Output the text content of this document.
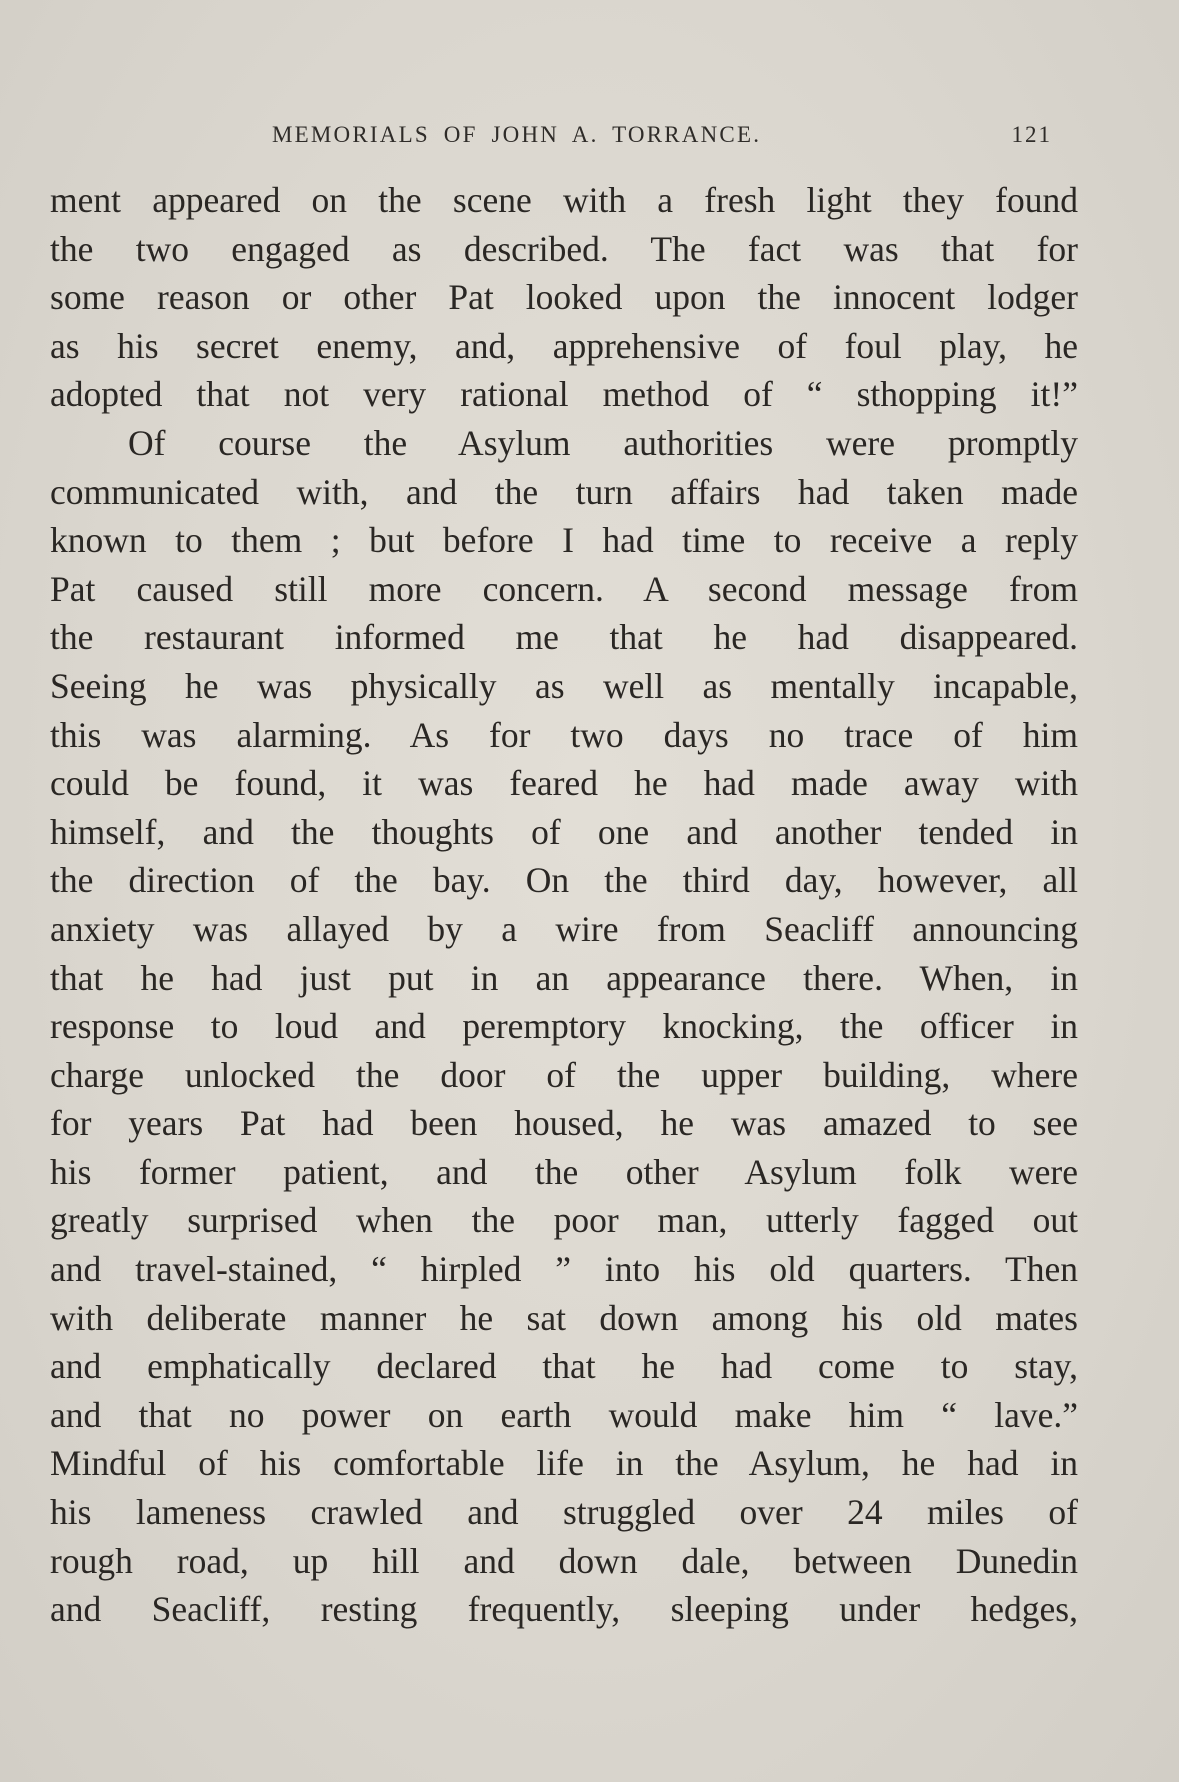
MEMORIALS OF JOHN A. TORRANCE.	121
ment appeared on the scene with a fresh light they found
the two engaged as described. The fact was that for
some reason or other Pat looked upon the innocent lodger
as his secret enemy, and, apprehensive of foul play, he
adopted that not very rational method of “ sthopping it!”
Of course the Asylum authorities were promptly
communicated with, and the turn affairs had taken made
known to them ; but before I had time to receive a reply
Pat caused still more concern. A second message from
the restaurant informed me that he had disappeared.
Seeing he was physically as well as mentally incapable,
this was alarming. As for two days no trace of him
could be found, it was feared he had made away with
himself, and the thoughts of one and another tended in
the direction of the bay. On the third day, however, all
anxiety was allayed by a wire from Seacliff announcing
that he had just put in an appearance there. When, in
response to loud and peremptory knocking, the officer in
charge unlocked the door of the upper building, where
for years Pat had been housed, he was amazed to see
his former patient, and the other Asylum folk were
greatly surprised when the poor man, utterly fagged out
and travel-stained, “ hirpled ” into his old quarters. Then
with deliberate manner he sat down among his old mates
and emphatically declared that he had come to stay,
and that no power on earth would make him “ lave.”
Mindful of his comfortable life in the Asylum, he had in
his lameness crawled and struggled over 24 miles of
rough road, up hill and down dale, between Dunedin
and Seacliff, resting frequently, sleeping under hedges,
